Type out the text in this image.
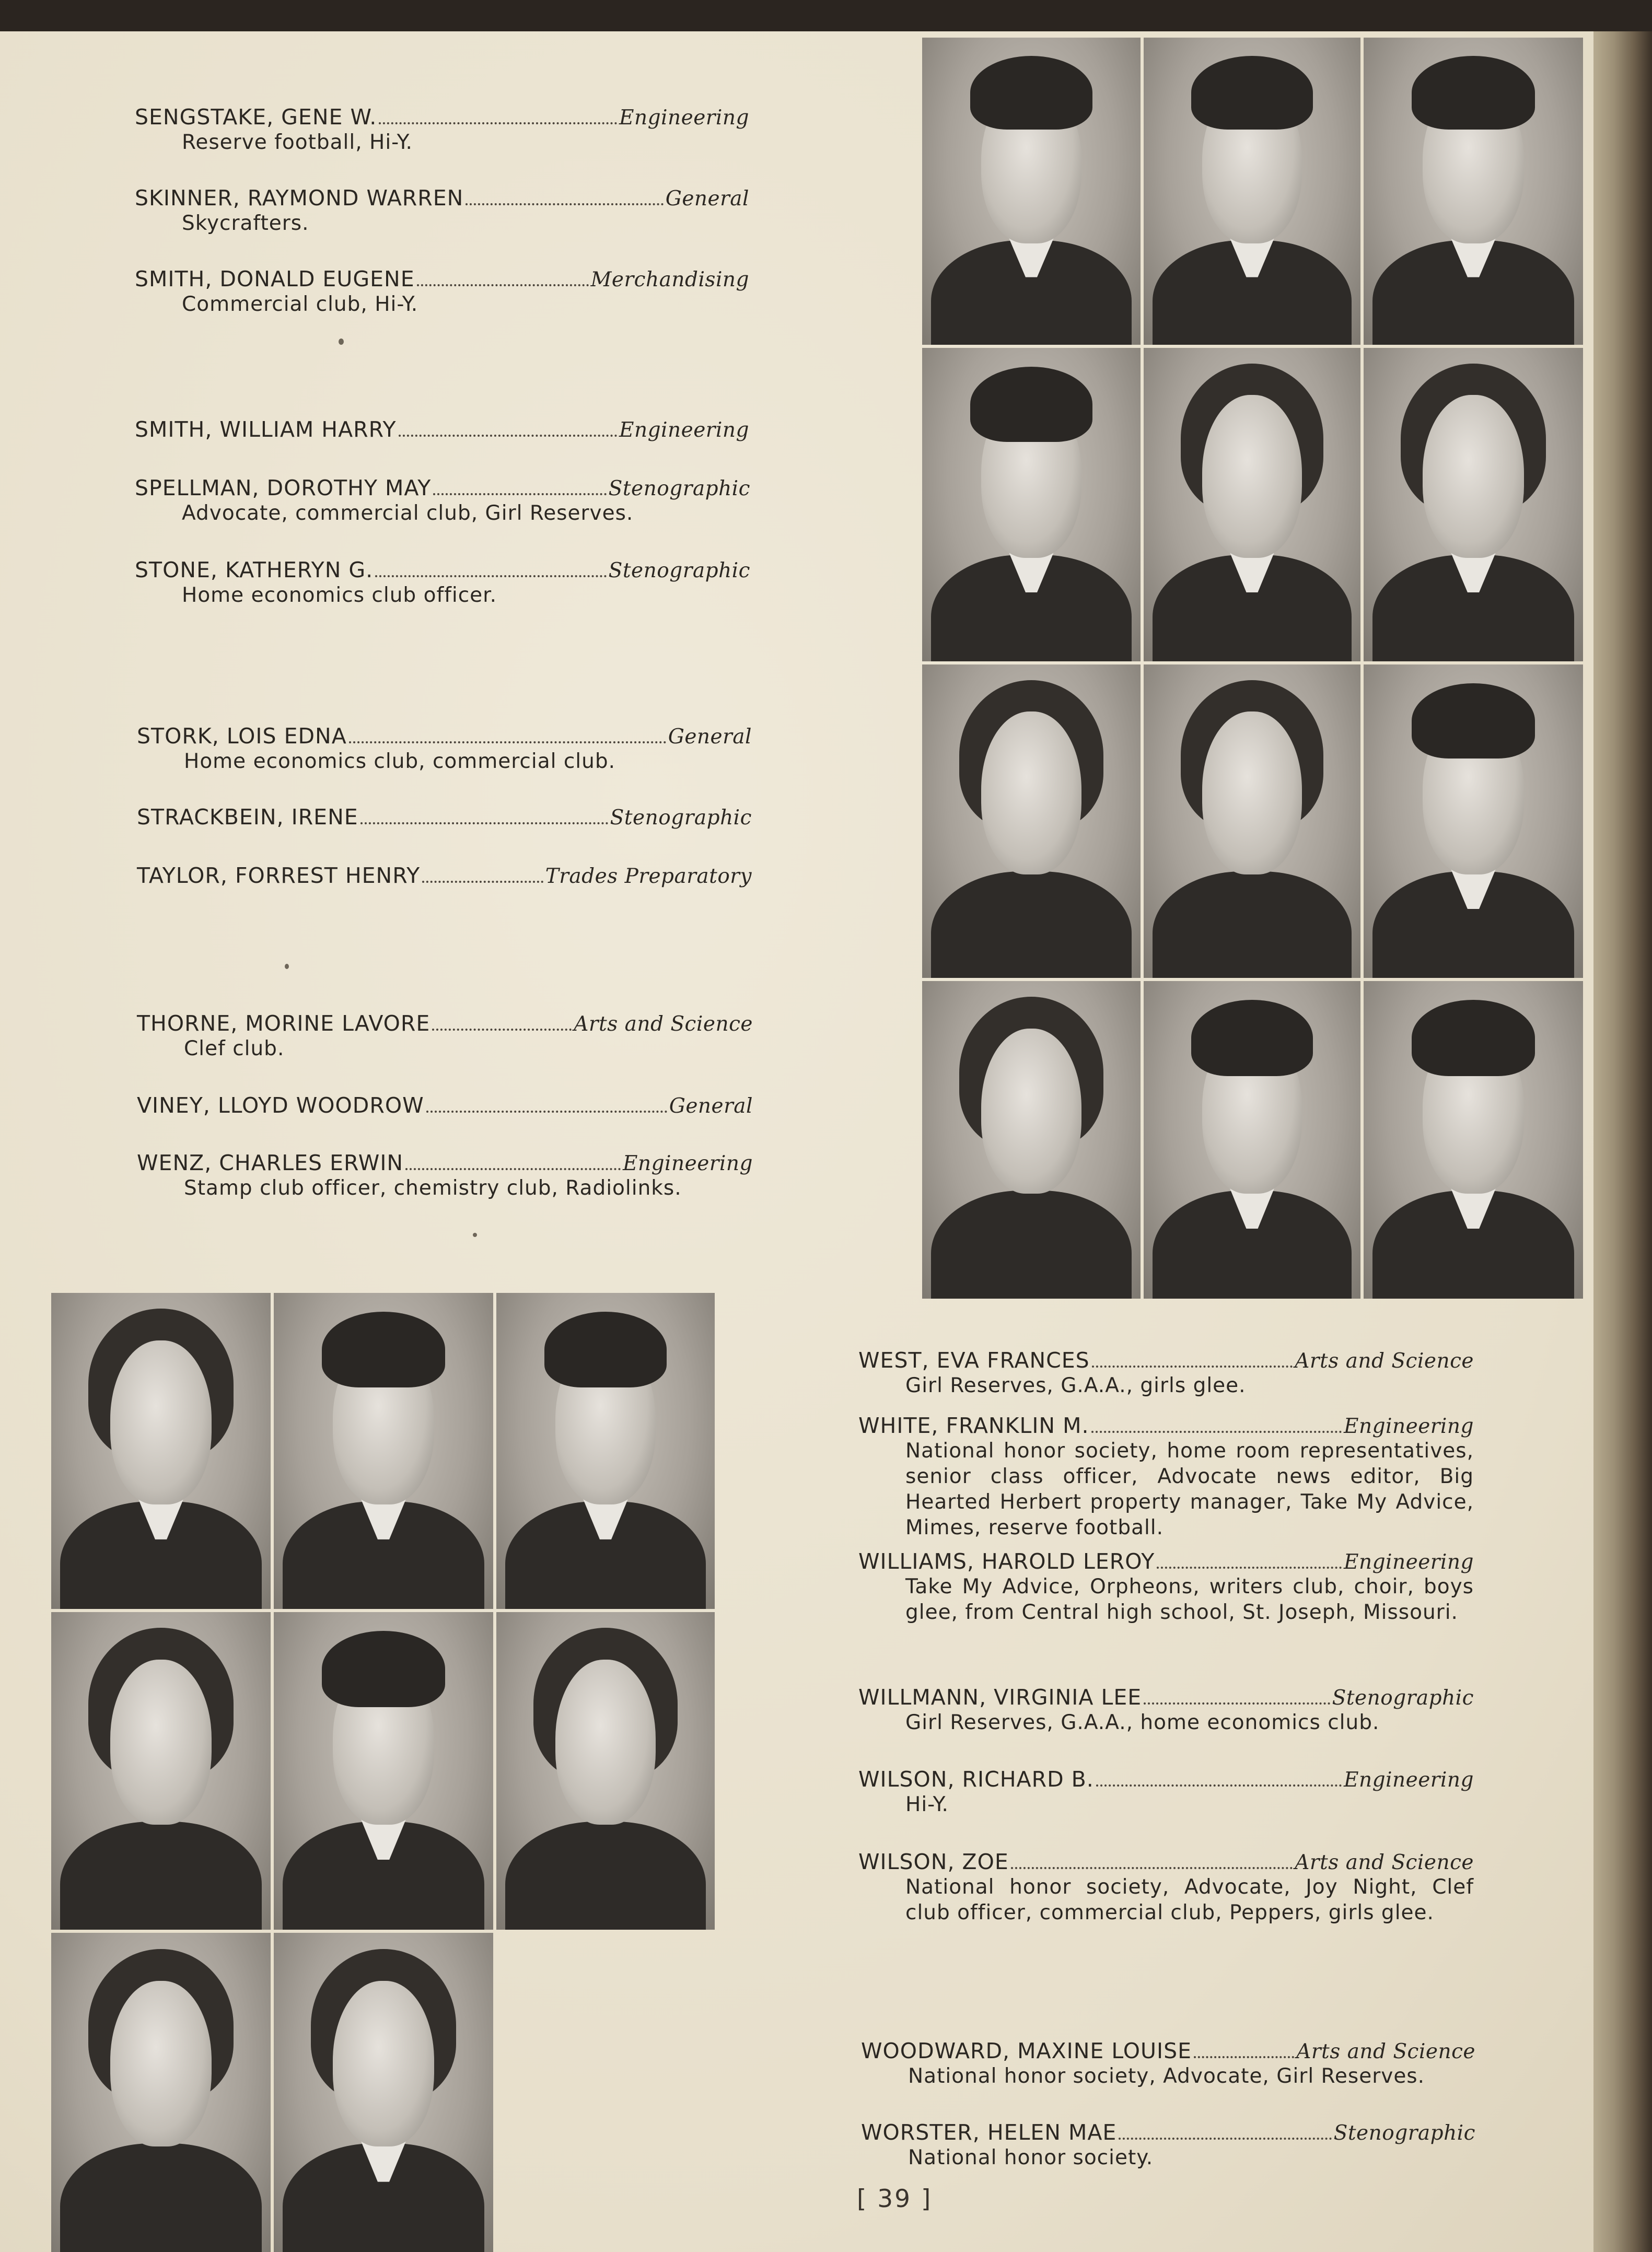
SENGSTAKE, GENE W.	Engineering
Reserve football, Hi-Y.
SKINNER, RAYMOND WARREN	General
Skycrafters.
SMITH, DONALD EUGENE	Merchandising
Commercial club, Hi-Y.
SMITH, WILLIAM HARRY	Engineering
SPELLMAN, DOROTHY MAY	Stenographic
Advocate, commercial club, Girl Reserves.
STONE, KATHERYN G.	Stenographic
Home economics club officer.
STORK, LOIS EDNA	General
Home economics club, commercial club.
STRACKBEIN, IRENE	Stenographic
TAYLOR, FORREST HENRY	Trades Preparatory
THORNE, MORINE LAVORE	Arts and Science
Clef club.
VINEY, LLOYD WOODROW	General
WENZ, CHARLES ERWIN	Engineering
Stamp club officer, chemistry club, Radiolinks.
WEST, EVA FRANCES	Arts and Science
Girl Reserves, G.A.A., girls glee.
WHITE, FRANKLIN M.	Engineering
National honor society, home room representatives, senior class officer, Advocate news editor, Big Hearted Herbert property manager, Take My Advice, Mimes, reserve football.
WILLIAMS, HAROLD LEROY	Engineering
Take My Advice, Orpheons, writers club, choir, boys glee, from Central high school, St. Joseph, Missouri.
WILLMANN, VIRGINIA LEE	Stenographic
Girl Reserves, G.A.A., home economics club.
WILSON, RICHARD B.	Engineering
Hi-Y.
WILSON, ZOE	Arts and Science
National honor society, Advocate, Joy Night, Clef club officer, commercial club, Peppers, girls glee.
WOODWARD, MAXINE LOUISE	Arts and Science
National honor society, Advocate, Girl Reserves.
WORSTER, HELEN MAE	Stenographic
National honor society.
[ 39 ]
